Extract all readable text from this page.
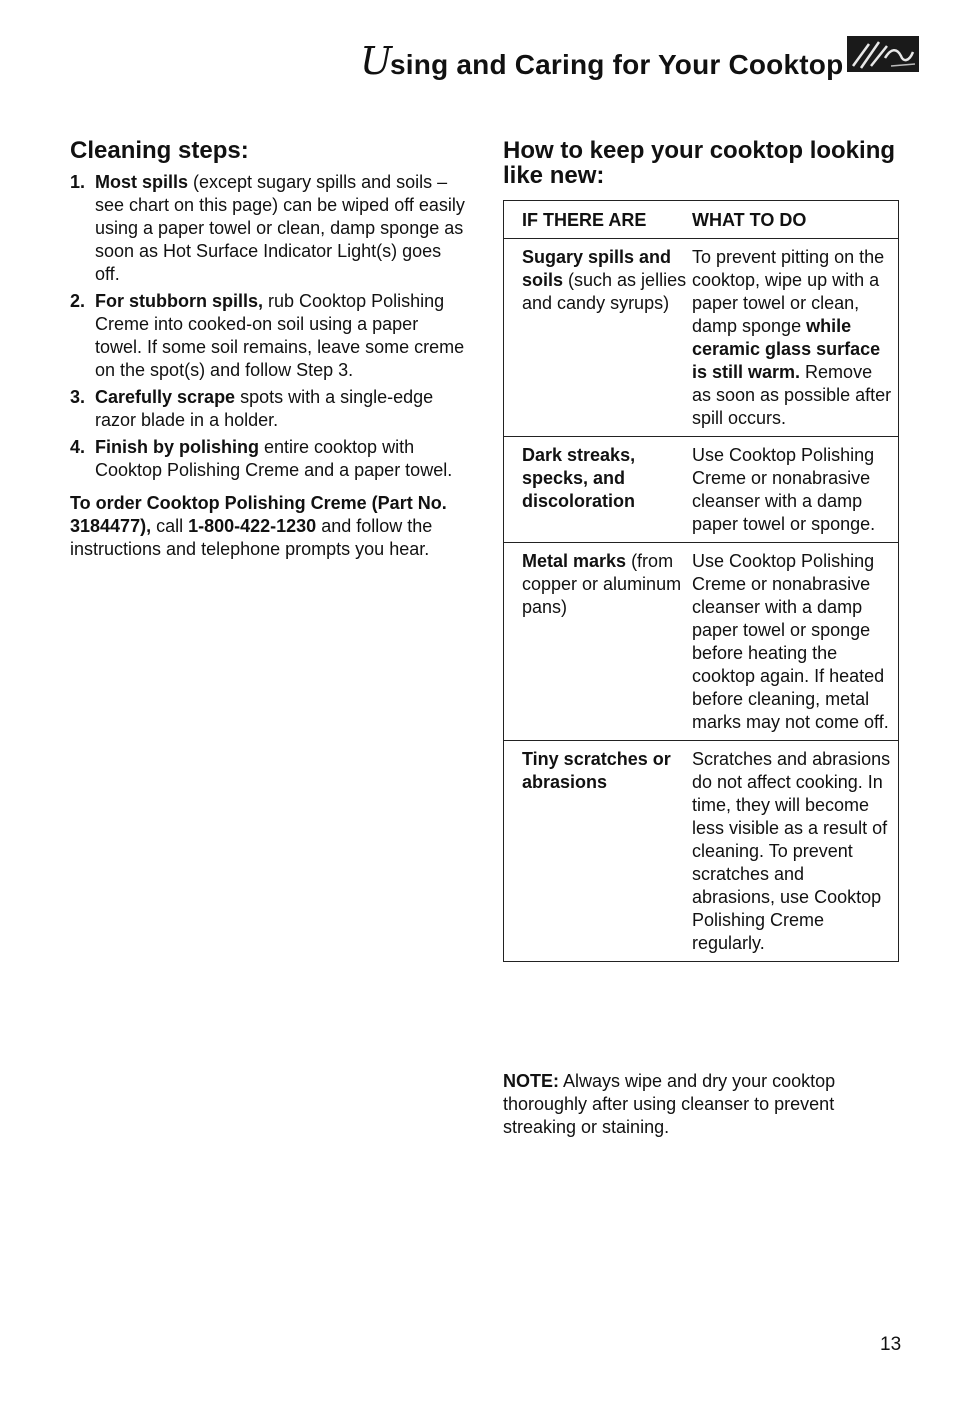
U
sing and Caring for Your Cooktop
Cleaning steps:
1. Most spills (except sugary spills and soils – see chart on this page) can be wiped off easily using a paper towel or clean, damp sponge as soon as Hot Surface Indicator Light(s) goes off.
2. For stubborn spills, rub Cooktop Polishing Creme into cooked-on soil using a paper towel. If some soil remains, leave some creme on the spot(s) and follow Step 3.
3. Carefully scrape spots with a single-edge razor blade in a holder.
4. Finish by polishing entire cooktop with Cooktop Polishing Creme and a paper towel.
To order Cooktop Polishing Creme (Part No. 3184477), call 1-800-422-1230 and follow the instructions and telephone prompts you hear.
How to keep your cooktop looking like new:
IF THERE ARE	WHAT TO DO
Sugary spills and soils (such as jellies and candy syrups)	To prevent pitting on the cooktop, wipe up with a paper towel or clean, damp sponge while ceramic glass surface is still warm. Remove as soon as possible after spill occurs.
Dark streaks, specks, and discoloration	Use Cooktop Polishing Creme or nonabrasive cleanser with a damp paper towel or sponge.
Metal marks (from copper or aluminum pans)	Use Cooktop Polishing Creme or nonabrasive cleanser with a damp paper towel or sponge before heating the cooktop again. If heated before cleaning, metal marks may not come off.
Tiny scratches or abrasions	Scratches and abrasions do not affect cooking. In time, they will become less visible as a result of cleaning. To prevent scratches and abrasions, use Cooktop Polishing Creme regularly.
NOTE: Always wipe and dry your cooktop thoroughly after using cleanser to prevent streaking or staining.
13
